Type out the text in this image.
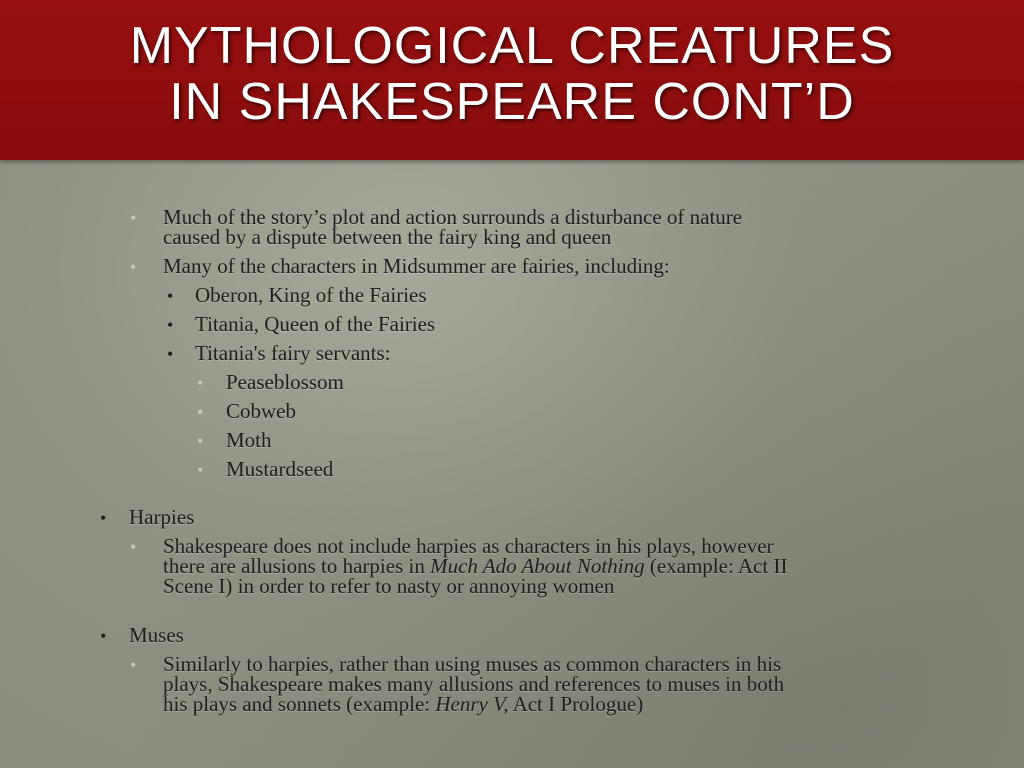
MYTHOLOGICAL CREATURES
IN SHAKESPEARE CONT’D
• Much of the story’s plot and action surrounds a disturbance of nature
caused by a dispute between the fairy king and queen
• Many of the characters in Midsummer are fairies, including:
• Oberon, King of the Fairies
• Titania, Queen of the Fairies
• Titania's fairy servants:
• Peaseblossom
• Cobweb
• Moth
• Mustardseed
• Harpies
• Shakespeare does not include harpies as characters in his plays, however
there are allusions to harpies in Much Ado About Nothing (example: Act II
Scene I) in order to refer to nasty or annoying women
• Muses
• Similarly to harpies, rather than using muses as common characters in his
plays, Shakespeare makes many allusions and references to muses in both
his plays and sonnets (example: Henry V, Act I Prologue)
